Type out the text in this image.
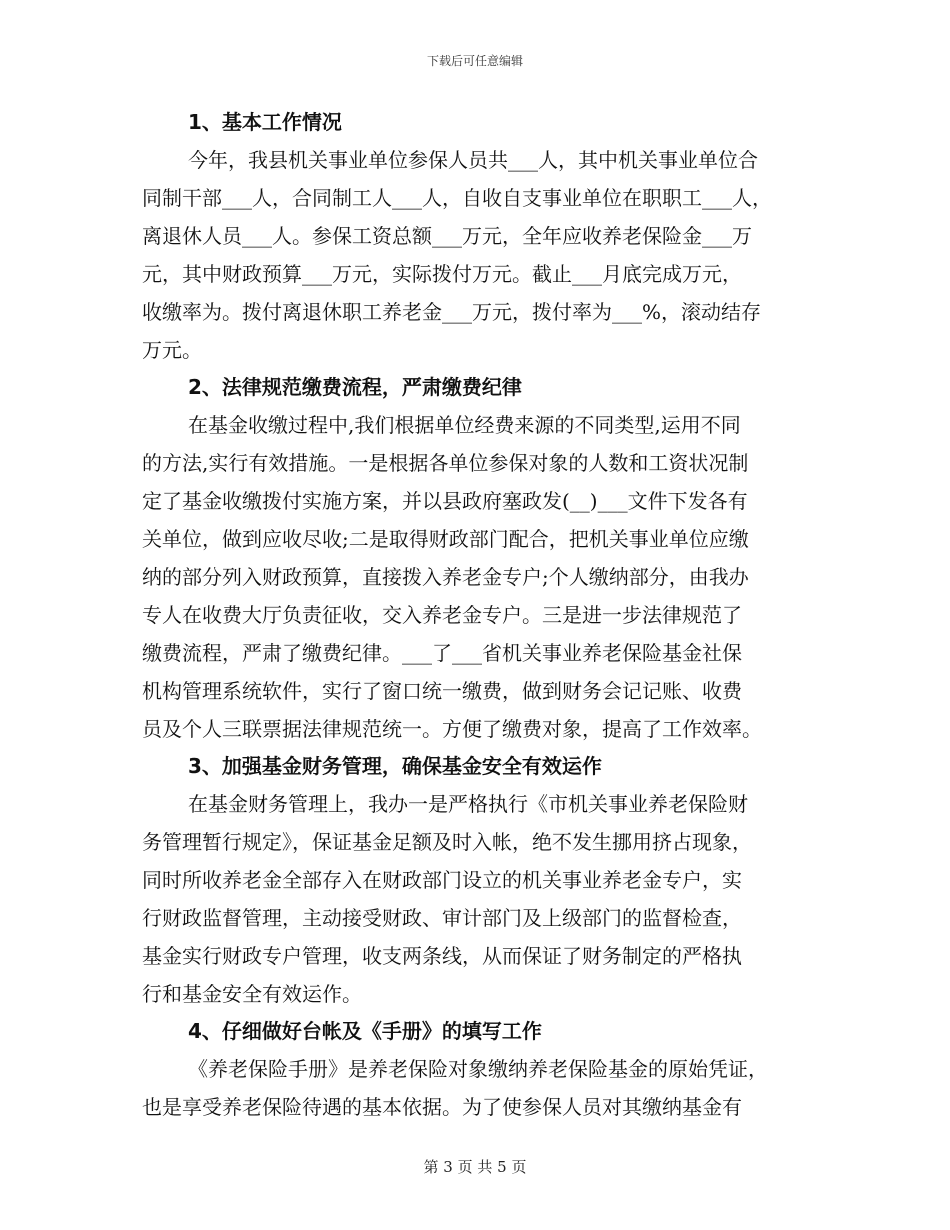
下载后可任意编辑
1、基本工作情况

今年，我县机关事业单位参保人员共___人，其中机关事业单位合

同制干部___人，合同制工人___人，自收自支事业单位在职职工___人，

离退休人员___人。参保工资总额___万元，全年应收养老保险金___万

元，其中财政预算___万元，实际拨付万元。截止___月底完成万元，

收缴率为。拨付离退休职工养老金___万元，拨付率为___%，滚动结存

万元。

2、法律规范缴费流程，严肃缴费纪律

在基金收缴过程中,我们根据单位经费来源的不同类型,运用不同

的方法,实行有效措施。一是根据各单位参保对象的人数和工资状况制

定了基金收缴拨付实施方案，并以县政府塞政发(__)___文件下发各有

关单位，做到应收尽收;二是取得财政部门配合，把机关事业单位应缴

纳的部分列入财政预算，直接拨入养老金专户;个人缴纳部分，由我办

专人在收费大厅负责征收，交入养老金专户。三是进一步法律规范了

缴费流程，严肃了缴费纪律。___了___省机关事业养老保险基金社保

机构管理系统软件，实行了窗口统一缴费，做到财务会记记账、收费

员及个人三联票据法律规范统一。方便了缴费对象，提高了工作效率。

3、加强基金财务管理，确保基金安全有效运作

在基金财务管理上，我办一是严格执行《市机关事业养老保险财

务管理暂行规定》，保证基金足额及时入帐，绝不发生挪用挤占现象，

同时所收养老金全部存入在财政部门设立的机关事业养老金专户，实

行财政监督管理，主动接受财政、审计部门及上级部门的监督检查，

基金实行财政专户管理，收支两条线，从而保证了财务制定的严格执

行和基金安全有效运作。

4、仔细做好台帐及《手册》的填写工作

《养老保险手册》是养老保险对象缴纳养老保险基金的原始凭证，

也是享受养老保险待遇的基本依据。为了使参保人员对其缴纳基金有

第 3 页 共 5 页
